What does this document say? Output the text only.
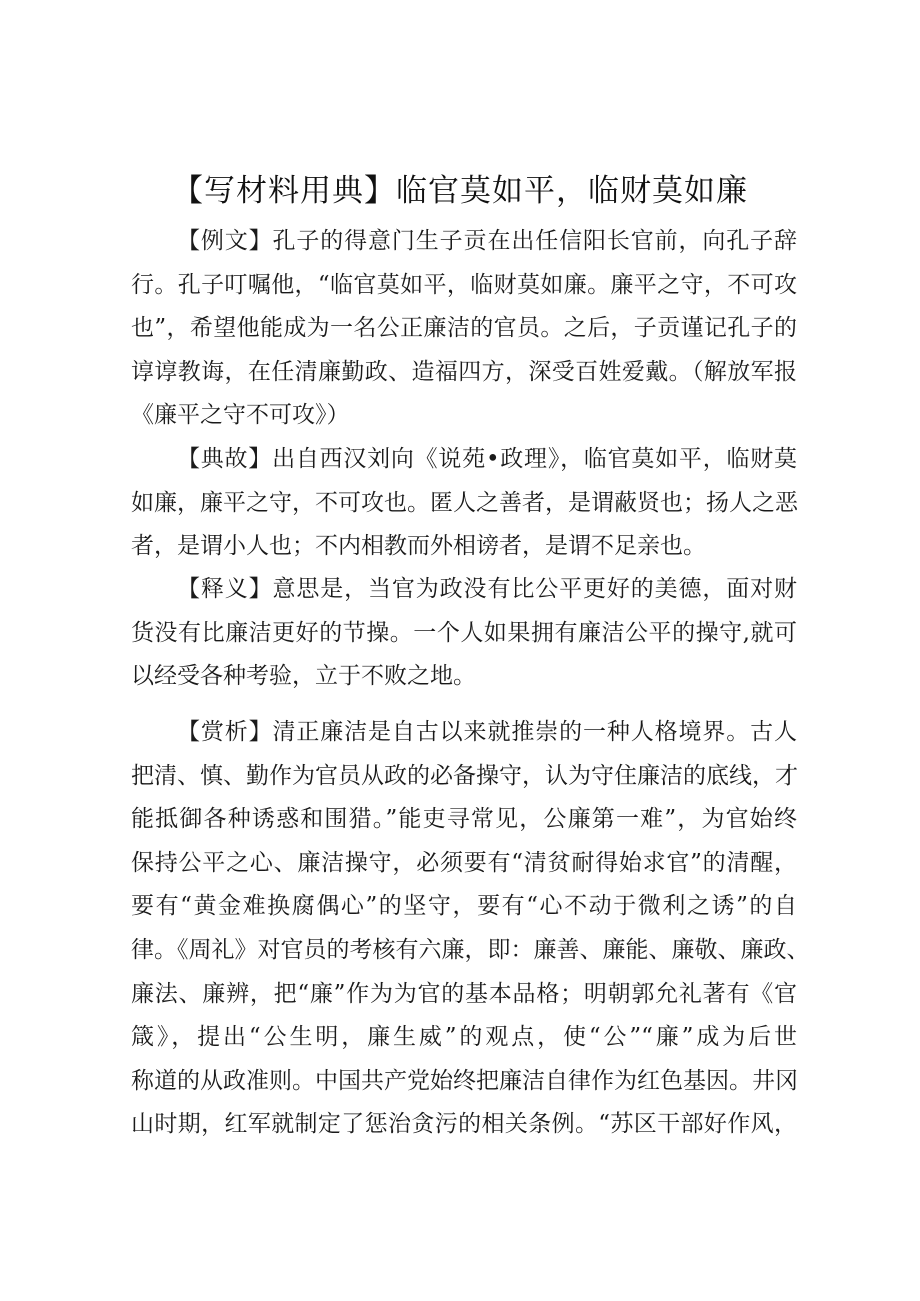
【写材料用典】临官莫如平，临财莫如廉
【例文】孔子的得意门生子贡在出任信阳长官前，向孔子辞
行。孔子叮嘱他，“临官莫如平，临财莫如廉。廉平之守，不可攻
也”，希望他能成为一名公正廉洁的官员。之后，子贡谨记孔子的
谆谆教诲，在任清廉勤政、造福四方，深受百姓爱戴。（解放军报
《廉平之守不可攻》）
【典故】出自西汉刘向《说苑•政理》，临官莫如平，临财莫
如廉，廉平之守，不可攻也。匿人之善者，是谓蔽贤也；扬人之恶
者，是谓小人也；不内相教而外相谤者，是谓不足亲也。
【释义】意思是，当官为政没有比公平更好的美德，面对财
货没有比廉洁更好的节操。一个人如果拥有廉洁公平的操守,就可
以经受各种考验，立于不败之地。
【赏析】清正廉洁是自古以来就推崇的一种人格境界。古人
把清、慎、勤作为官员从政的必备操守，认为守住廉洁的底线，才
能抵御各种诱惑和围猎。”能吏寻常见，公廉第一难”，为官始终
保持公平之心、廉洁操守，必须要有“清贫耐得始求官”的清醒，
要有“黄金难换腐偶心”的坚守，要有“心不动于微利之诱”的自
律。《周礼》对官员的考核有六廉，即：廉善、廉能、廉敬、廉政、
廉法、廉辨，把“廉”作为为官的基本品格；明朝郭允礼著有《官
箴》，提出“公生明，廉生威”的观点，使“公”“廉”成为后世
称道的从政准则。中国共产党始终把廉洁自律作为红色基因。井冈
山时期，红军就制定了惩治贪污的相关条例。“苏区干部好作风，
